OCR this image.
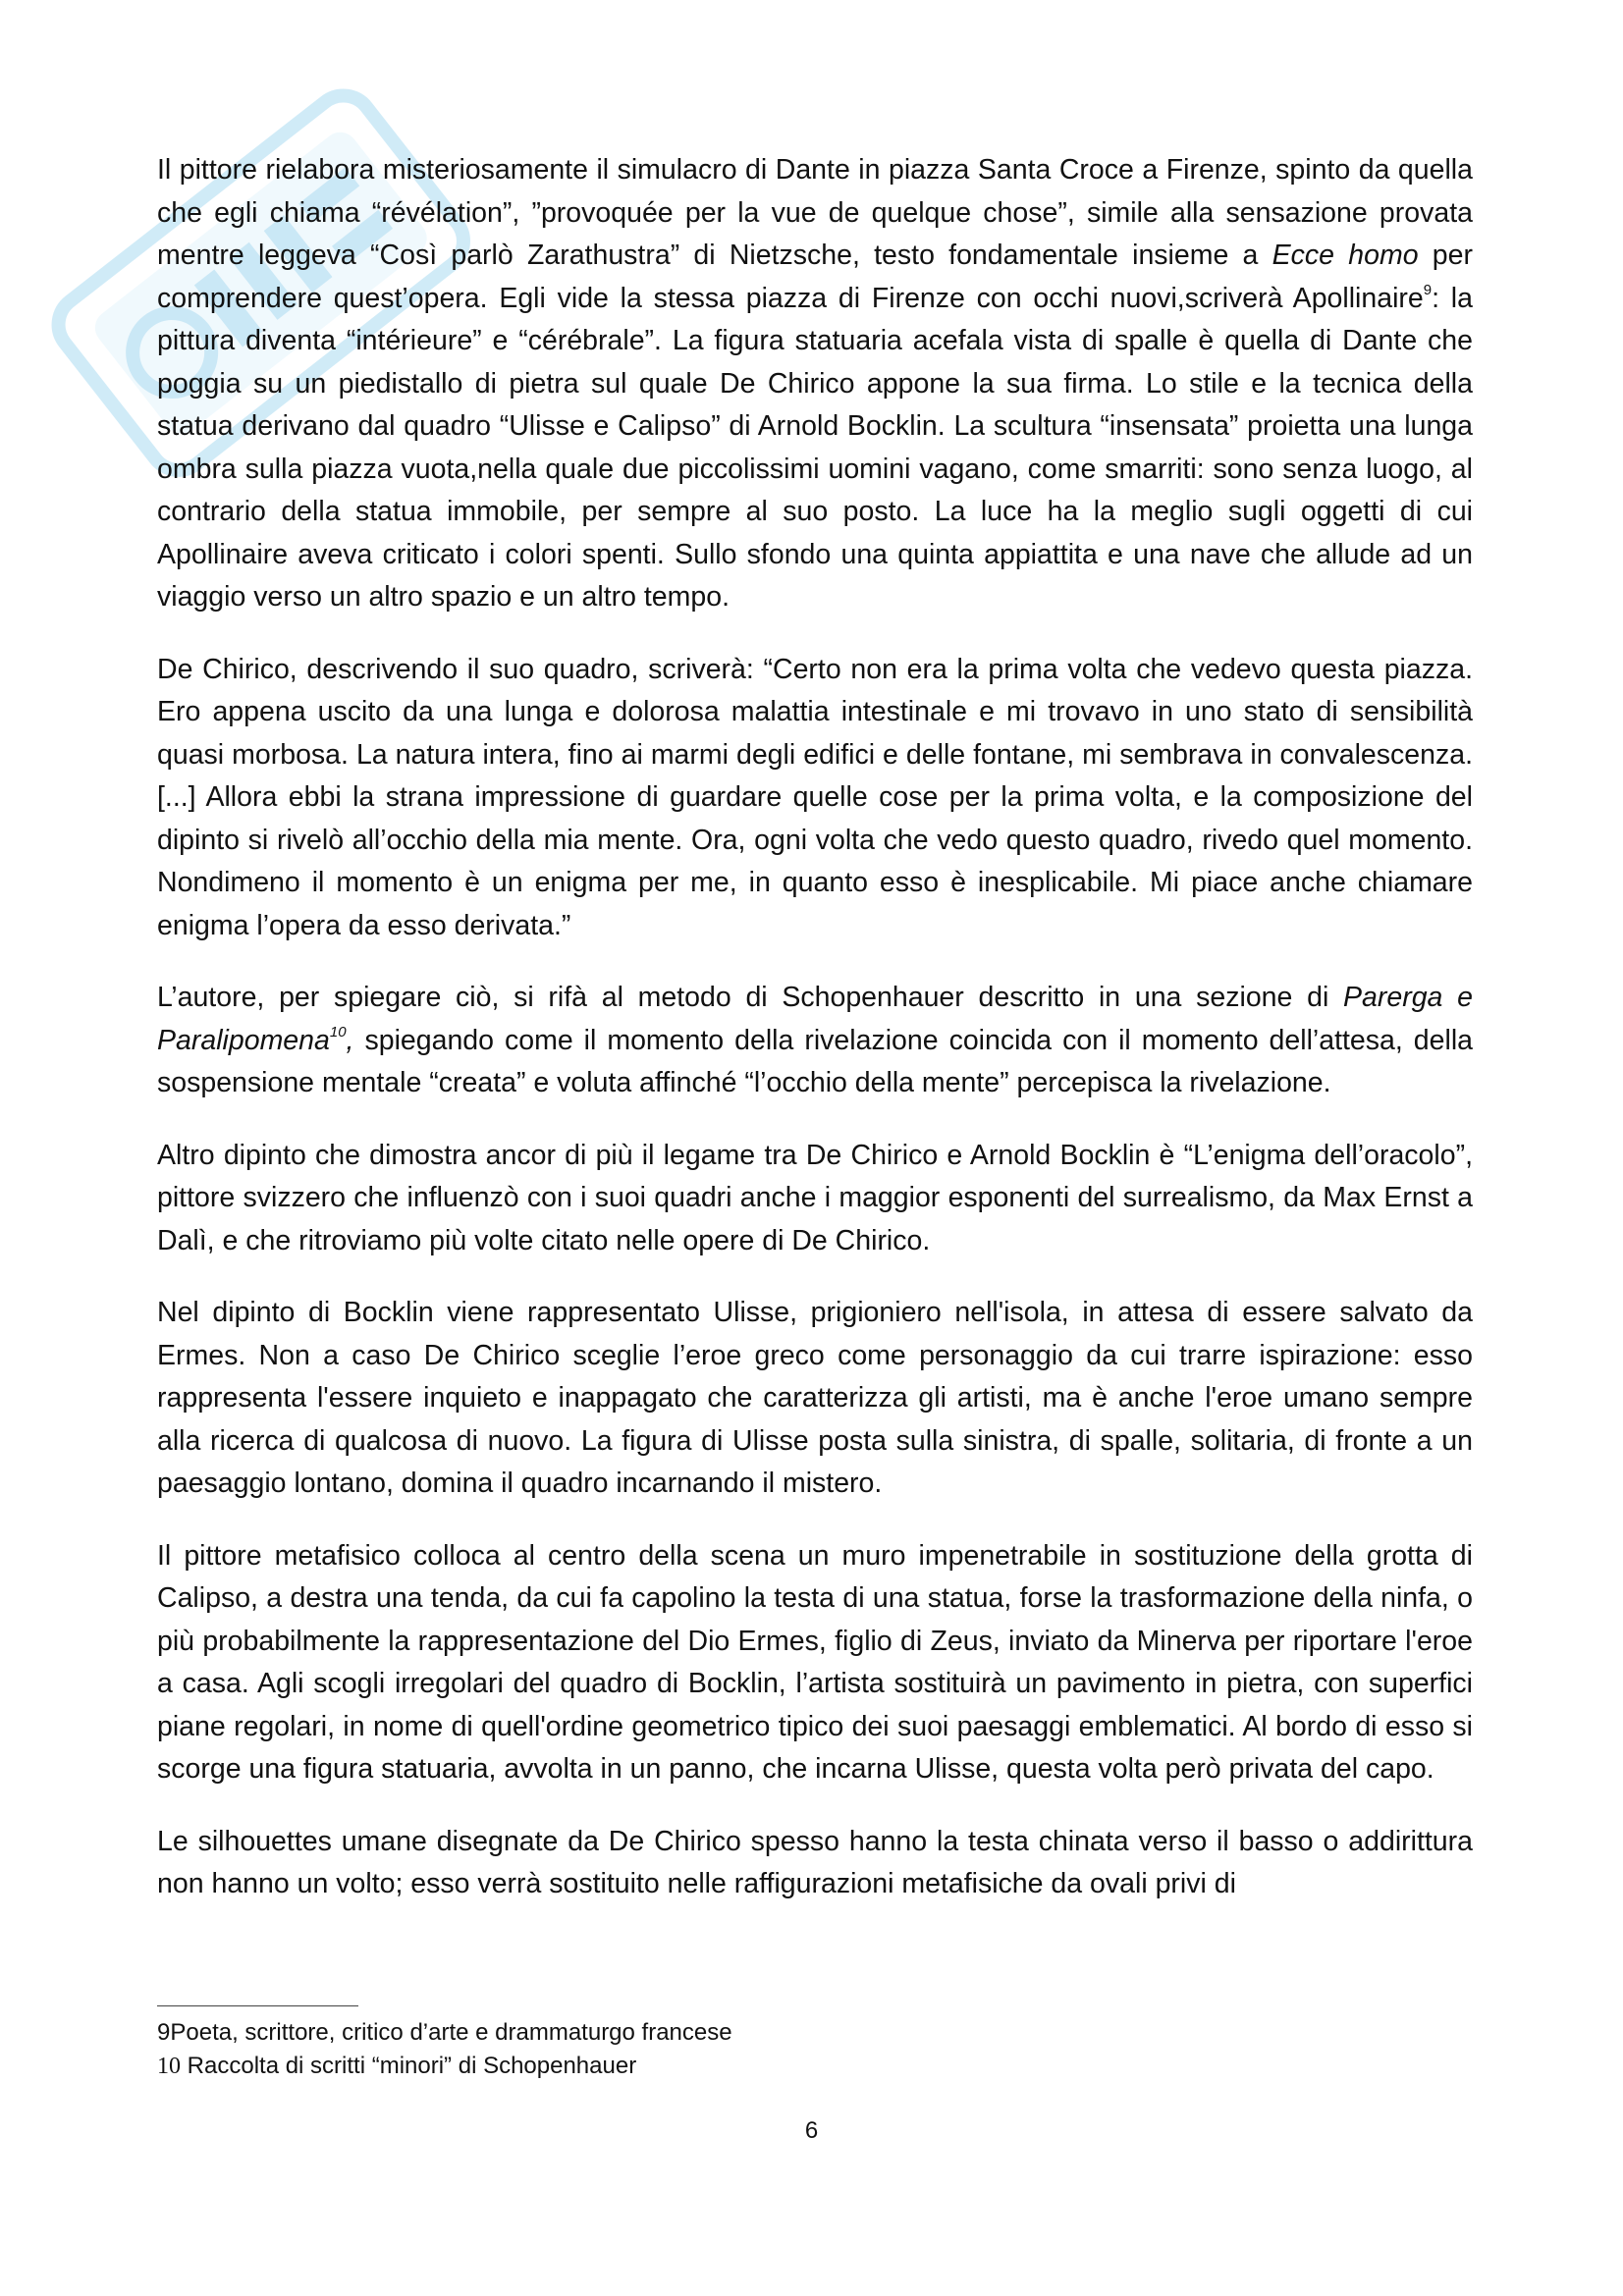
Il pittore rielabora misteriosamente il simulacro di Dante in piazza Santa Croce a Firenze, spinto da quella che egli chiama “révélation”, ”provoquée per la vue de quelque chose”, simile alla sensazione provata mentre leggeva “Così parlò Zarathustra” di Nietzsche, testo fondamentale insieme a Ecce homo per comprendere quest’opera. Egli vide la stessa piazza di Firenze con occhi nuovi,scriverà Apollinaire$^9$: la pittura diventa “intérieure” e “cérébrale”. La figura statuaria acefala vista di spalle è quella di Dante che poggia su un piedistallo di pietra sul quale De Chirico appone la sua firma. Lo stile e la tecnica della statua derivano dal quadro “Ulisse e Calipso” di Arnold Bocklin. La scultura “insensata” proietta una lunga ombra sulla piazza vuota,nella quale due piccolissimi uomini vagano, come smarriti: sono senza luogo, al contrario della statua immobile, per sempre al suo posto. La luce ha la meglio sugli oggetti di cui Apollinaire aveva criticato i colori spenti. Sullo sfondo una quinta appiattita e una nave che allude ad un viaggio verso un altro spazio e un altro tempo.

De Chirico, descrivendo il suo quadro, scriverà: “Certo non era la prima volta che vedevo questa piazza. Ero appena uscito da una lunga e dolorosa malattia intestinale e mi trovavo in uno stato di sensibilità quasi morbosa. La natura intera, fino ai marmi degli edifici e delle fontane, mi sembrava in convalescenza. [...] Allora ebbi la strana impressione di guardare quelle cose per la prima volta, e la composizione del dipinto si rivelò all’occhio della mia mente. Ora, ogni volta che vedo questo quadro, rivedo quel momento. Nondimeno il momento è un enigma per me, in quanto esso è inesplicabile. Mi piace anche chiamare enigma l’opera da esso derivata.”

L’autore, per spiegare ciò, si rifà al metodo di Schopenhauer descritto in una sezione di Parerga e Paralipomena$^{10}$, spiegando come il momento della rivelazione coincida con il momento dell’attesa, della sospensione mentale “creata” e voluta affinché “l’occhio della mente” percepisca la rivelazione.

Altro dipinto che dimostra ancor di più il legame tra De Chirico e Arnold Bocklin è “L’enigma dell’oracolo”, pittore svizzero che influenzò con i suoi quadri anche i maggior esponenti del surrealismo, da Max Ernst a Dalì, e che ritroviamo più volte citato nelle opere di De Chirico.

Nel dipinto di Bocklin viene rappresentato Ulisse, prigioniero nell'isola, in attesa di essere salvato da Ermes. Non a caso De Chirico sceglie l’eroe greco come personaggio da cui trarre ispirazione: esso rappresenta l'essere inquieto e inappagato che caratterizza gli artisti, ma è anche l'eroe umano sempre alla ricerca di qualcosa di nuovo. La figura di Ulisse posta sulla sinistra, di spalle, solitaria, di fronte a un paesaggio lontano, domina il quadro incarnando il mistero.

Il pittore metafisico colloca al centro della scena un muro impenetrabile in sostituzione della grotta di Calipso, a destra una tenda, da cui fa capolino la testa di una statua, forse la trasformazione della ninfa, o più probabilmente la rappresentazione del Dio Ermes, figlio di Zeus, inviato da Minerva per riportare l'eroe a casa. Agli scogli irregolari del quadro di Bocklin, l’artista sostituirà un pavimento in pietra, con superfici piane regolari, in nome di quell'ordine geometrico tipico dei suoi paesaggi emblematici. Al bordo di esso si scorge una figura statuaria, avvolta in un panno, che incarna Ulisse, questa volta però privata del capo.

Le silhouettes umane disegnate da De Chirico spesso hanno la testa chinata verso il basso o addirittura non hanno un volto; esso verrà sostituito nelle raffigurazioni metafisiche da ovali privi di

9Poeta, scrittore, critico d’arte e drammaturgo francese

10 Raccolta di scritti “minori” di Schopenhauer

6
